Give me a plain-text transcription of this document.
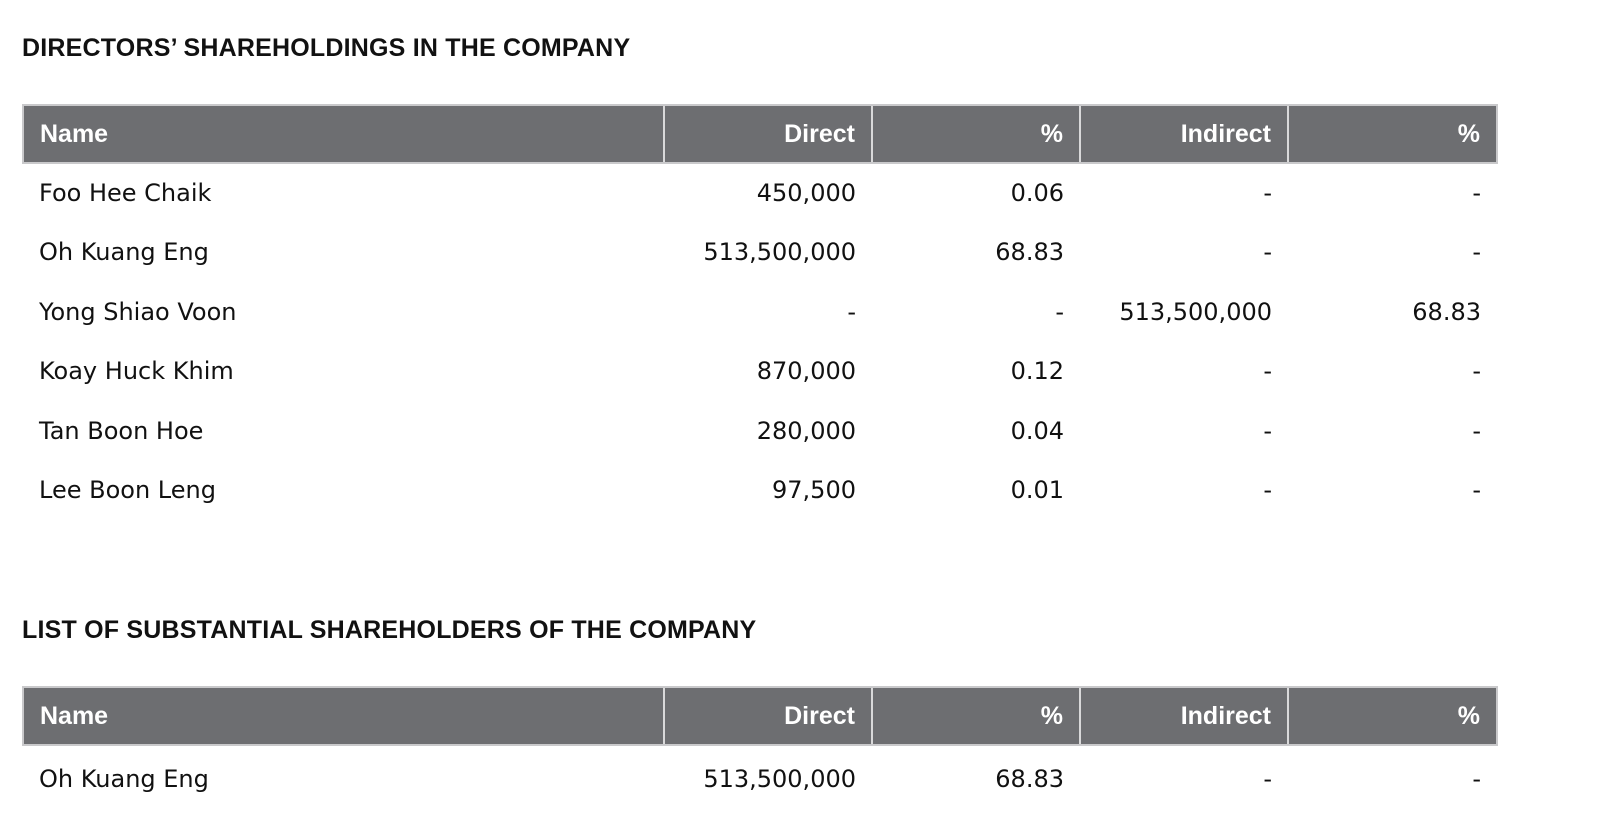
DIRECTORS’ SHAREHOLDINGS IN THE COMPANY
Name	Direct	%	Indirect	%
Foo Hee Chaik	450,000	0.06	-	-
Oh Kuang Eng	513,500,000	68.83	-	-
Yong Shiao Voon	-	-	513,500,000	68.83
Koay Huck Khim	870,000	0.12	-	-
Tan Boon Hoe	280,000	0.04	-	-
Lee Boon Leng	97,500	0.01	-	-
LIST OF SUBSTANTIAL SHAREHOLDERS OF THE COMPANY
Name	Direct	%	Indirect	%
Oh Kuang Eng	513,500,000	68.83	-	-
